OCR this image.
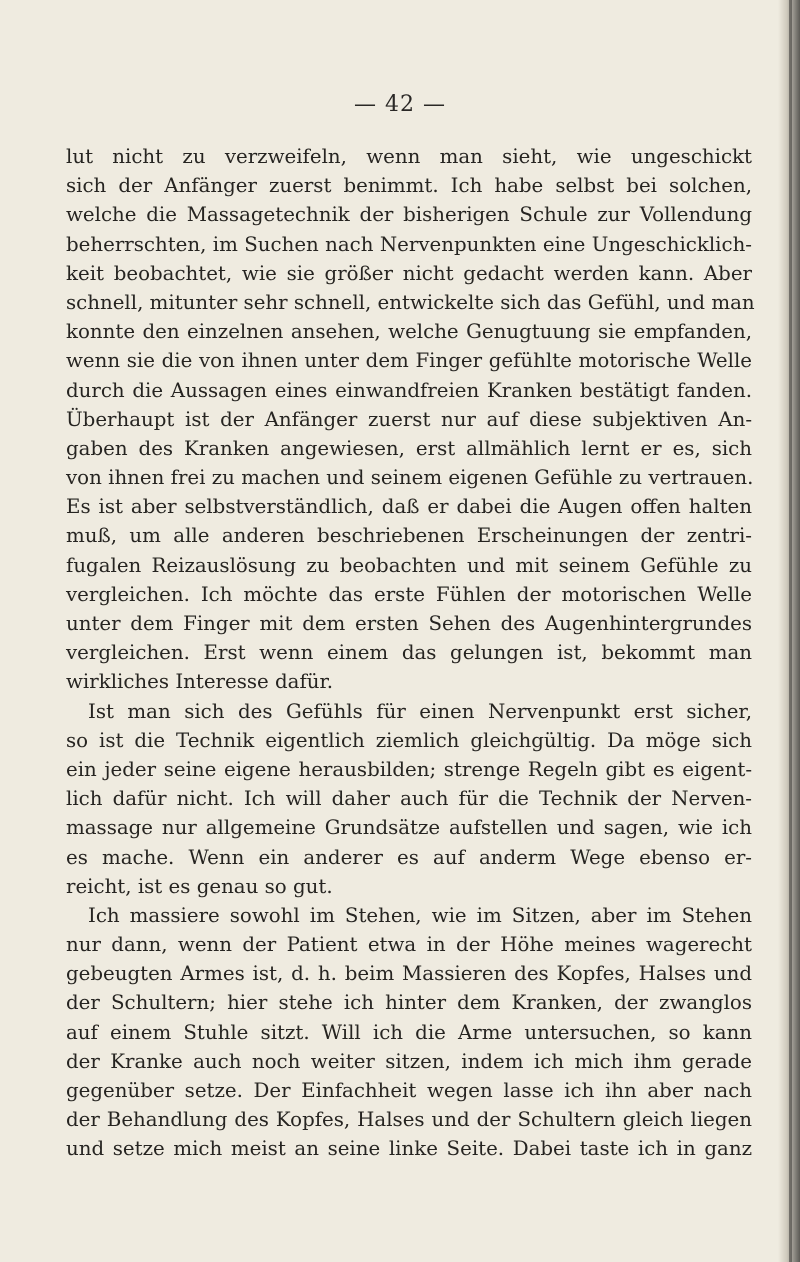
— 42 —
lut nicht zu verzweifeln, wenn man sieht, wie ungeschickt
sich der Anfänger zuerst benimmt. Ich habe selbst bei solchen,
welche die Massagetechnik der bisherigen Schule zur Vollendung
beherrschten, im Suchen nach Nervenpunkten eine Ungeschicklich-
keit beobachtet, wie sie größer nicht gedacht werden kann. Aber
schnell, mitunter sehr schnell, entwickelte sich das Gefühl, und man
konnte den einzelnen ansehen, welche Genugtuung sie empfanden,
wenn sie die von ihnen unter dem Finger gefühlte motorische Welle
durch die Aussagen eines einwandfreien Kranken bestätigt fanden.
Überhaupt ist der Anfänger zuerst nur auf diese subjektiven An-
gaben des Kranken angewiesen, erst allmählich lernt er es, sich
von ihnen frei zu machen und seinem eigenen Gefühle zu vertrauen.
Es ist aber selbstverständlich, daß er dabei die Augen offen halten
muß, um alle anderen beschriebenen Erscheinungen der zentri-
fugalen Reizauslösung zu beobachten und mit seinem Gefühle zu
vergleichen. Ich möchte das erste Fühlen der motorischen Welle
unter dem Finger mit dem ersten Sehen des Augenhintergrundes
vergleichen. Erst wenn einem das gelungen ist, bekommt man
wirkliches Interesse dafür.
Ist man sich des Gefühls für einen Nervenpunkt erst sicher,
so ist die Technik eigentlich ziemlich gleichgültig. Da möge sich
ein jeder seine eigene herausbilden; strenge Regeln gibt es eigent-
lich dafür nicht. Ich will daher auch für die Technik der Nerven-
massage nur allgemeine Grundsätze aufstellen und sagen, wie ich
es mache. Wenn ein anderer es auf anderm Wege ebenso er-
reicht, ist es genau so gut.
Ich massiere sowohl im Stehen, wie im Sitzen, aber im Stehen
nur dann, wenn der Patient etwa in der Höhe meines wagerecht
gebeugten Armes ist, d. h. beim Massieren des Kopfes, Halses und
der Schultern; hier stehe ich hinter dem Kranken, der zwanglos
auf einem Stuhle sitzt. Will ich die Arme untersuchen, so kann
der Kranke auch noch weiter sitzen, indem ich mich ihm gerade
gegenüber setze. Der Einfachheit wegen lasse ich ihn aber nach
der Behandlung des Kopfes, Halses und der Schultern gleich liegen
und setze mich meist an seine linke Seite. Dabei taste ich in ganz
